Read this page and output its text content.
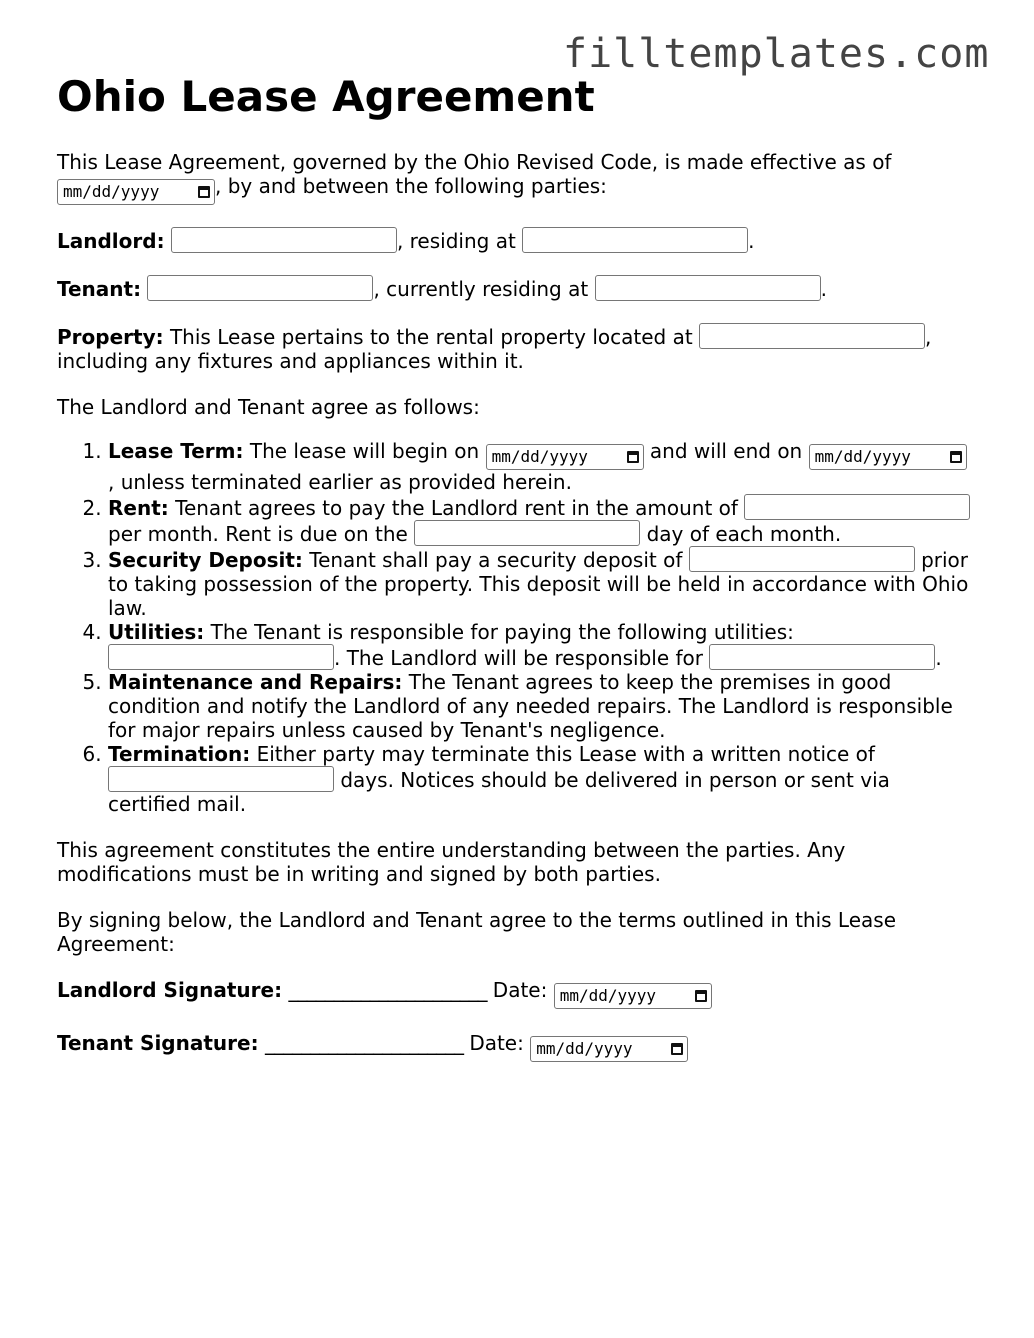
filltemplates.com
Ohio Lease Agreement

This Lease Agreement, governed by the Ohio Revised Code, is made effective as of

mm/dd/yyyy	, by and between the following parties:

Landlord:	, residing at	.

Tenant:	, currently residing at	.

Property: This Lease pertains to the rental property located at	, including any fixtures and appliances within it.

The Landlord and Tenant agree as follows:

1. Lease Term: The lease will begin on mm/dd/yyyy	and will end on mm/dd/yyyy
, unless terminated earlier as provided herein.
2. Rent: Tenant agrees to pay the Landlord rent in the amount of  per month. Rent is due on the	day of each month.
3. Security Deposit: Tenant shall pay a security deposit of	prior to taking possession of the property. This deposit will be held in accordance with Ohio law.
4. Utilities: The Tenant is responsible for paying the following utilities: . The Landlord will be responsible for	.
5. Maintenance and Repairs: The Tenant agrees to keep the premises in good condition and notify the Landlord of any needed repairs. The Landlord is responsible for major repairs unless caused by Tenant's negligence.
6. Termination: Either party may terminate this Lease with a written notice of  days. Notices should be delivered in person or sent via certified mail.

This agreement constitutes the entire understanding between the parties. Any modifications must be in writing and signed by both parties.

By signing below, the Landlord and Tenant agree to the terms outlined in this Lease Agreement:

Landlord Signature: ______________________ Date: mm/dd/yyyy

Tenant Signature: ______________________ Date: mm/dd/yyyy
